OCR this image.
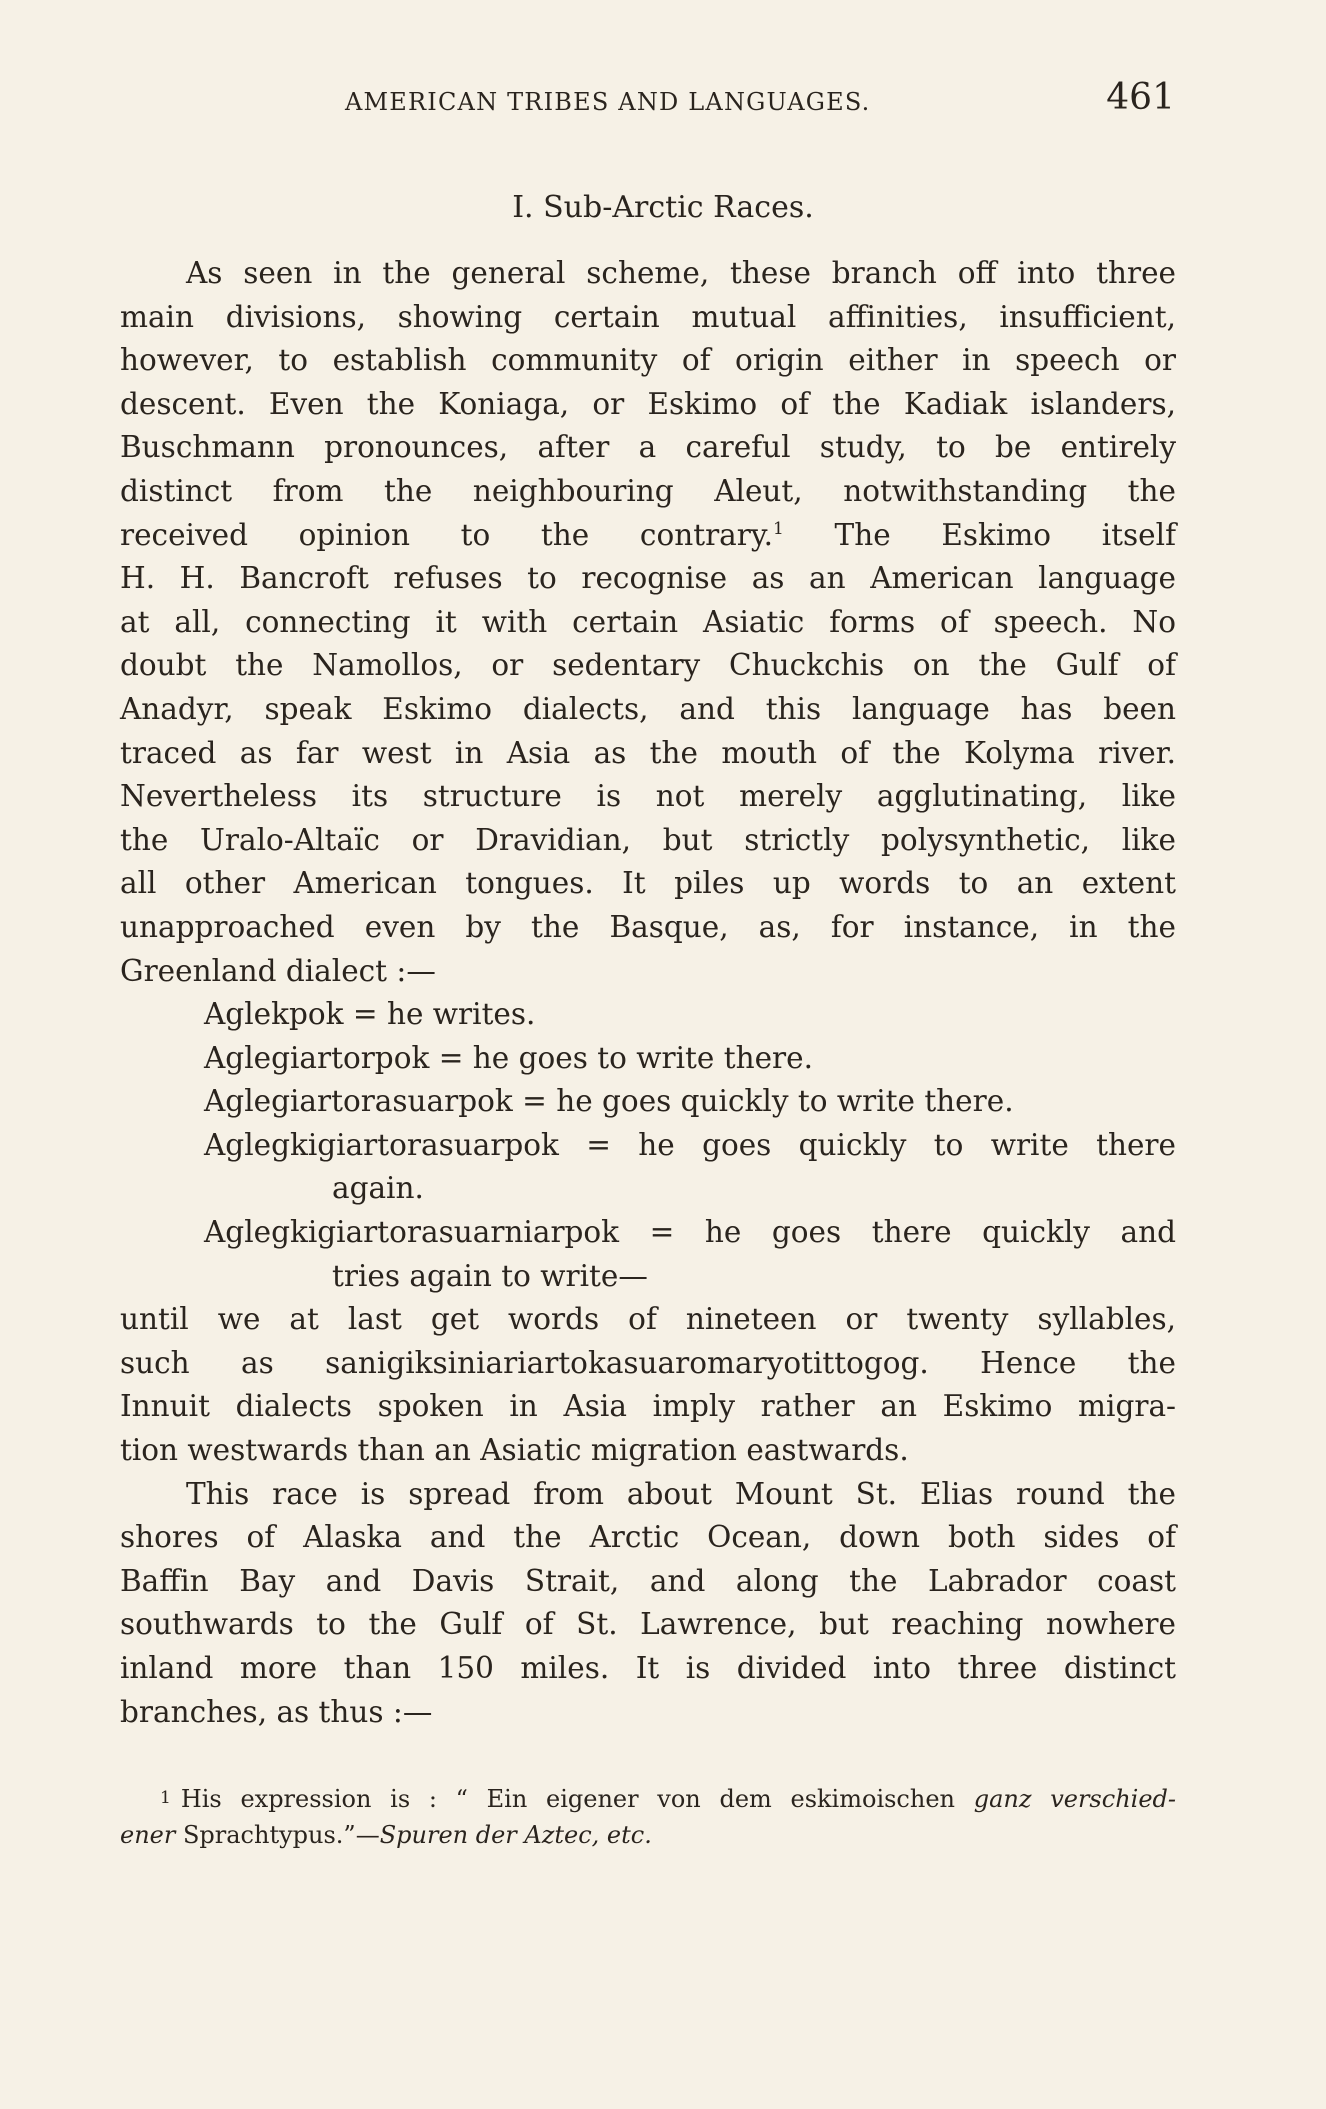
AMERICAN TRIBES AND LANGUAGES.	461
I. Sub-Arctic Races.
As seen in the general scheme, these branch off into three
main divisions, showing certain mutual affinities, insufficient,
however, to establish community of origin either in speech or
descent. Even the Koniaga, or Eskimo of the Kadiak islanders,
Buschmann pronounces, after a careful study, to be entirely
distinct from the neighbouring Aleut, notwithstanding the
received opinion to the contrary.$^1$ The Eskimo itself
H. H. Bancroft refuses to recognise as an American language
at all, connecting it with certain Asiatic forms of speech. No
doubt the Namollos, or sedentary Chuckchis on the Gulf of
Anadyr, speak Eskimo dialects, and this language has been
traced as far west in Asia as the mouth of the Kolyma river.
Nevertheless its structure is not merely agglutinating, like
the Uralo-Altaïc or Dravidian, but strictly polysynthetic, like
all other American tongues. It piles up words to an extent
unapproached even by the Basque, as, for instance, in the
Greenland dialect :—
Aglekpok = he writes.
Aglegiartorpok = he goes to write there.
Aglegiartorasuarpok = he goes quickly to write there.
Aglegkigiartorasuarpok = he goes quickly to write there
again.
Aglegkigiartorasuarniarpok = he goes there quickly and
tries again to write—
until we at last get words of nineteen or twenty syllables,
such as sanigiksiniariartokasuaromaryotittogog. Hence the
Innuit dialects spoken in Asia imply rather an Eskimo migra-
tion westwards than an Asiatic migration eastwards.
This race is spread from about Mount St. Elias round the
shores of Alaska and the Arctic Ocean, down both sides of
Baffin Bay and Davis Strait, and along the Labrador coast
southwards to the Gulf of St. Lawrence, but reaching nowhere
inland more than 150 miles. It is divided into three distinct
branches, as thus :—
1 His expression is : “ Ein eigener von dem eskimoischen ganz verschied-
ener Sprachtypus.”—Spuren der Aztec, etc.
